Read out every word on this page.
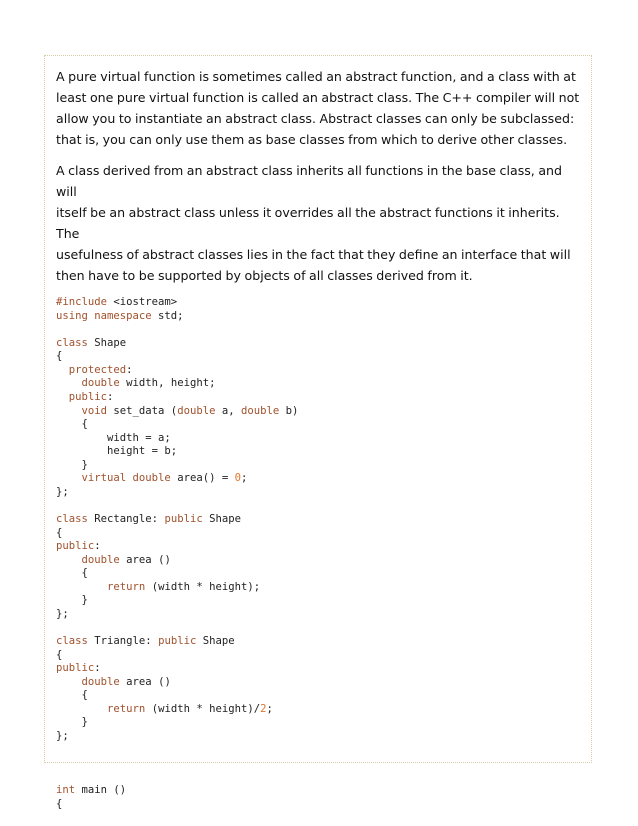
A pure virtual function is sometimes called an abstract function, and a class with at
least one pure virtual function is called an abstract class. The C++ compiler will not
allow you to instantiate an abstract class. Abstract classes can only be subclassed:
that is, you can only use them as base classes from which to derive other classes.

A class derived from an abstract class inherits all functions in the base class, and will
itself be an abstract class unless it overrides all the abstract functions it inherits. The
usefulness of abstract classes lies in the fact that they define an interface that will
then have to be supported by objects of all classes derived from it.

#include <iostream>
using namespace std;

class Shape
{
protected:
double width, height;
public:
void set_data (double a, double b)
{
width = a;
height = b;
}
virtual double area() = 0;
};

class Rectangle: public Shape
{
public:
double area ()
{
return (width * height);
}
};

class Triangle: public Shape
{
public:
double area ()
{
return (width * height)/2;
}
};

int main ()
{
